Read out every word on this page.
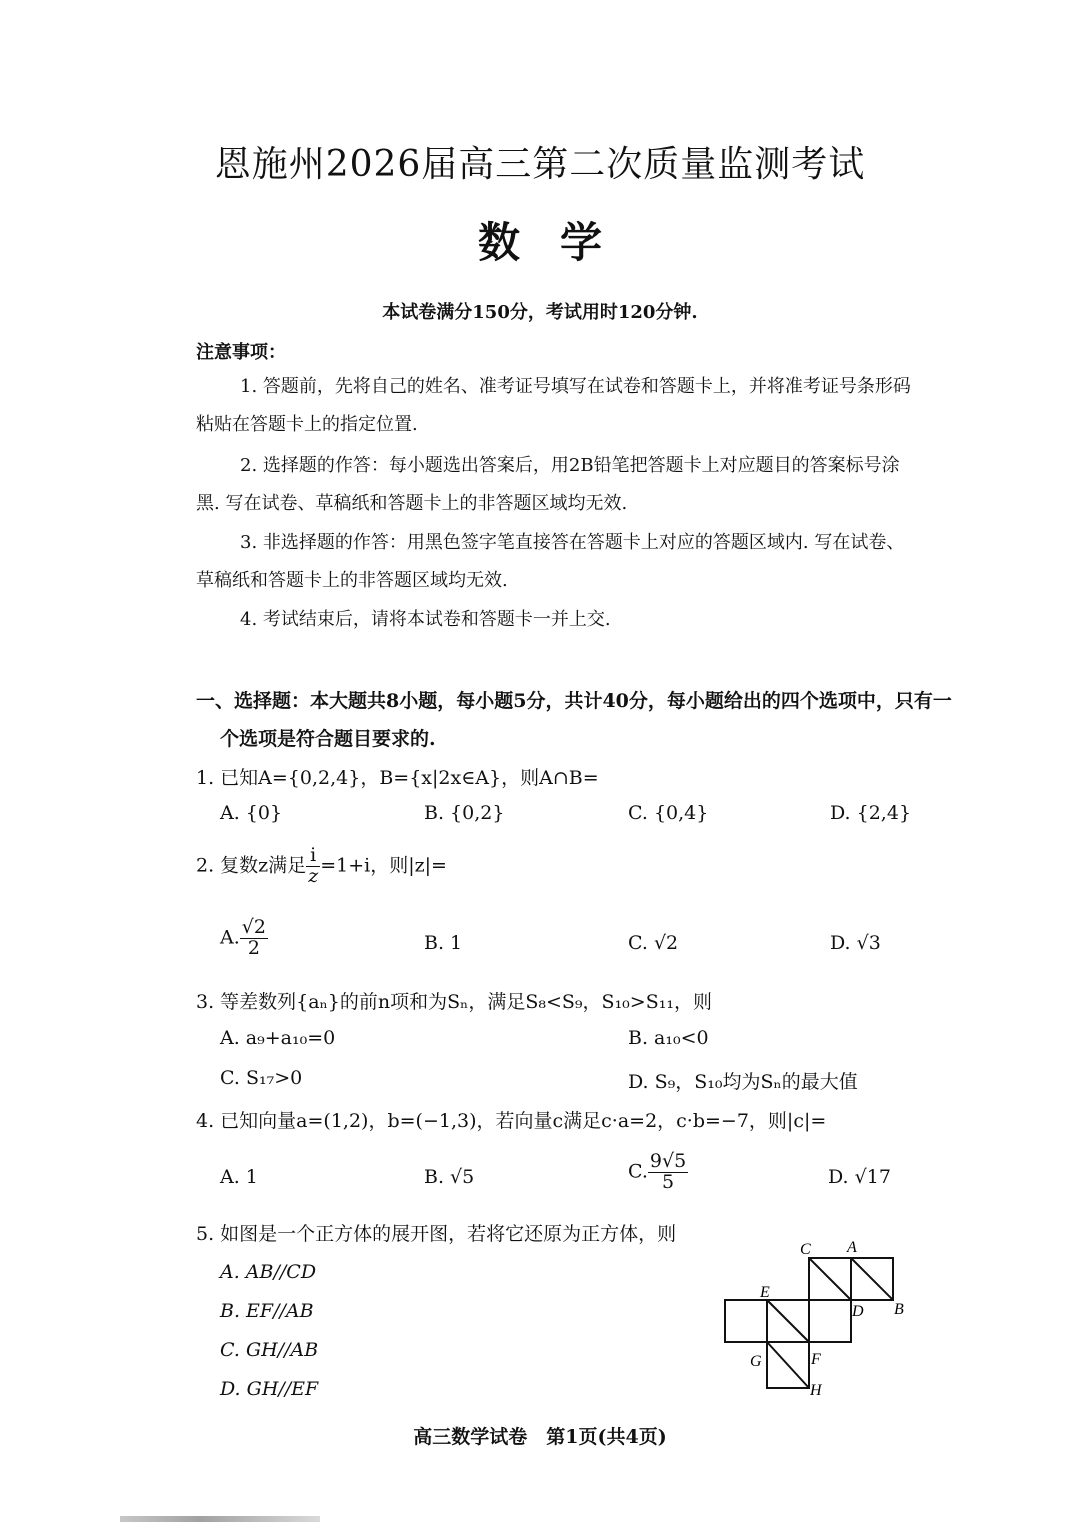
恩施州2026届高三第二次质量监测考试
数学
本试卷满分150分，考试用时120分钟.
注意事项：
1. 答题前，先将自己的姓名、准考证号填写在试卷和答题卡上，并将准考证号条形码
粘贴在答题卡上的指定位置.
2. 选择题的作答：每小题选出答案后，用2B铅笔把答题卡上对应题目的答案标号涂
黑. 写在试卷、草稿纸和答题卡上的非答题区域均无效.
3. 非选择题的作答：用黑色签字笔直接答在答题卡上对应的答题区域内. 写在试卷、
草稿纸和答题卡上的非答题区域均无效.
4. 考试结束后，请将本试卷和答题卡一并上交.
一、选择题：本大题共8小题，每小题5分，共计40分，每小题给出的四个选项中，只有一
个选项是符合题目要求的.
1. 已知A={0,2,4}，B={x|2x∈A}，则A∩B=
A. {0}	B. {0,2}	C. {0,4}	D. {2,4}
2. 复数z满足 $\frac{i}{z} =1+i$，则|z|=
A. $\frac{√2}{2}$	B. 1	C. √2	D. √3
3. 等差数列{aₙ}的前n项和为Sₙ，满足S₈<S₉，S₁₀>S₁₁，则
A. a₉+a₁₀=0	B. a₁₀<0
C. S₁₇>0	D. S₉，S₁₀均为Sₙ的最大值
4. 已知向量a=(1,2)，b=(−1,3)，若向量c满足c·a=2，c·b=−7，则|c|=
A. 1	B. √5	C. $\frac{9√5}{5}$	D. √17
5. 如图是一个正方体的展开图，若将它还原为正方体，则
A. AB//CD
B. EF//AB
C. GH//AB
D. GH//EF
C A
E
D B
G	F
H
高三数学试卷　第1页(共4页)
